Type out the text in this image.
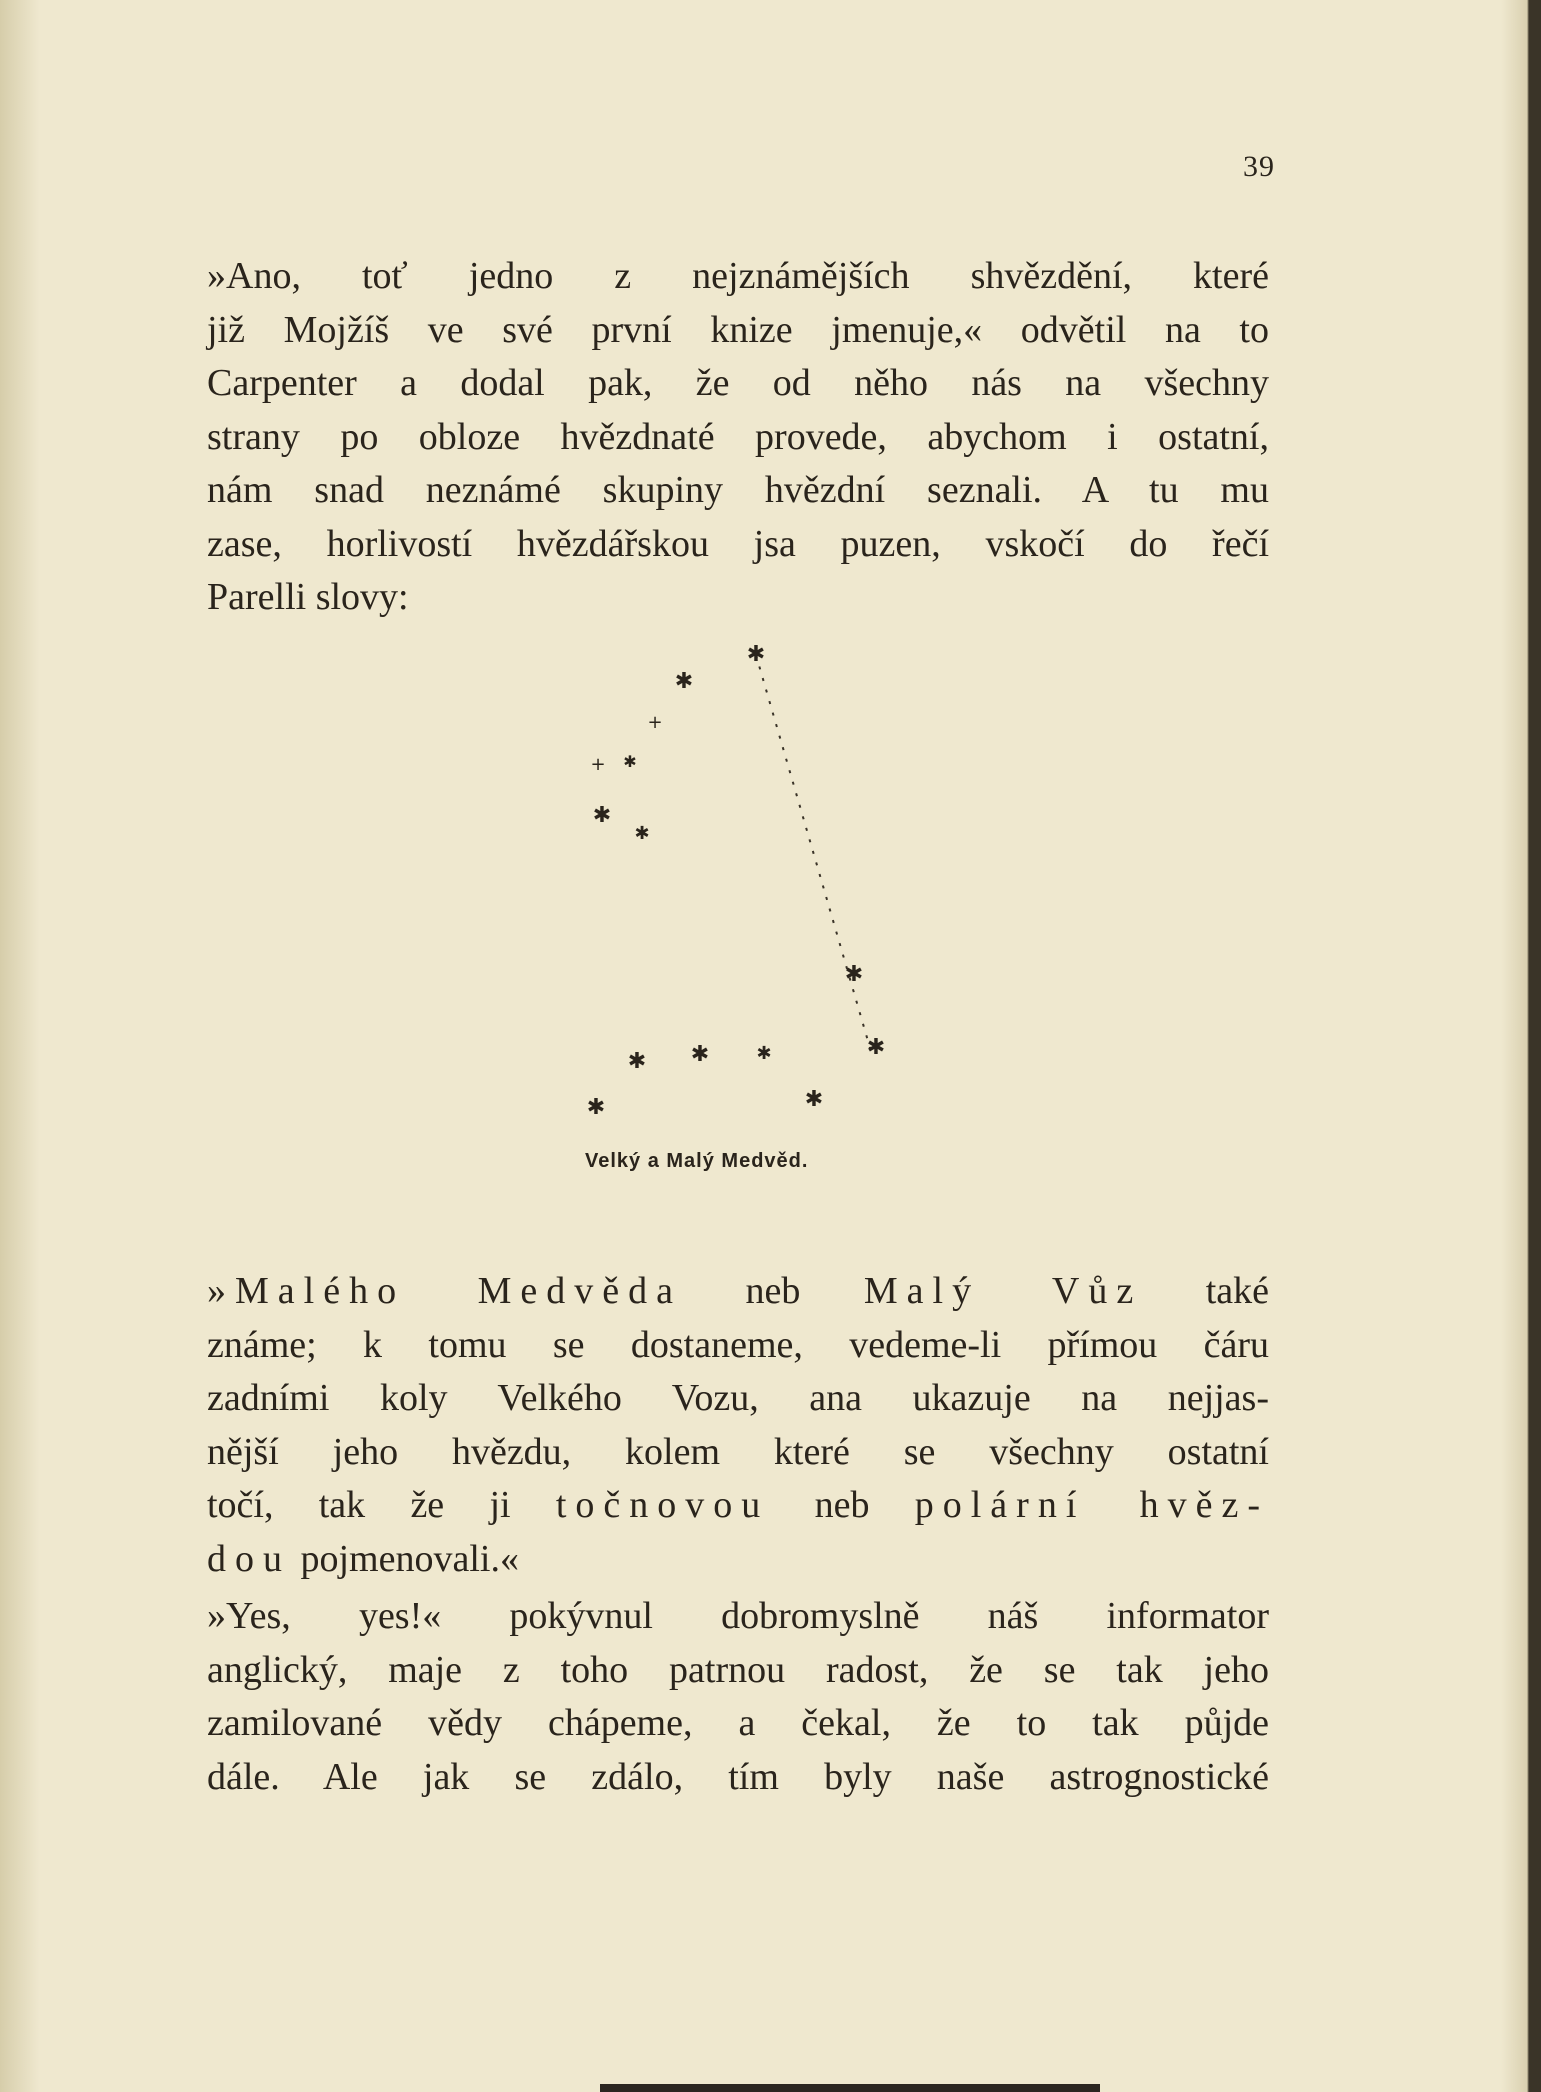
39

»Ano, toť jedno z nejznámějších shvězdění, které
již Mojžíš ve své první knize jmenuje,« odvětil na to
Carpenter a dodal pak, že od něho nás na všechny
strany po obloze hvězdnaté provede, abychom i ostatní,
nám snad neznámé skupiny hvězdní seznali. A tu mu
zase, horlivostí hvězdářskou jsa puzen, vskočí do řečí
Parelli slovy:

✱
✱
+
+ ✱
✱
✱
✱
✱
✱ ✱	✱
✱	✱
Velký a Malý Medvěd.

»Malého Medvěda neb Malý Vůz také
známe; k tomu se dostaneme, vedeme-li přímou čáru
zadními koly Velkého Vozu, ana ukazuje na nejjas-
nější jeho hvězdu, kolem které se všechny ostatní
točí, tak že ji točnovou neb polární hvěz-
dou pojmenovali.«

»Yes, yes!« pokývnul dobromyslně náš informator
anglický, maje z toho patrnou radost, že se tak jeho
zamilované vědy chápeme, a čekal, že to tak půjde
dále. Ale jak se zdálo, tím byly naše astrognostické
